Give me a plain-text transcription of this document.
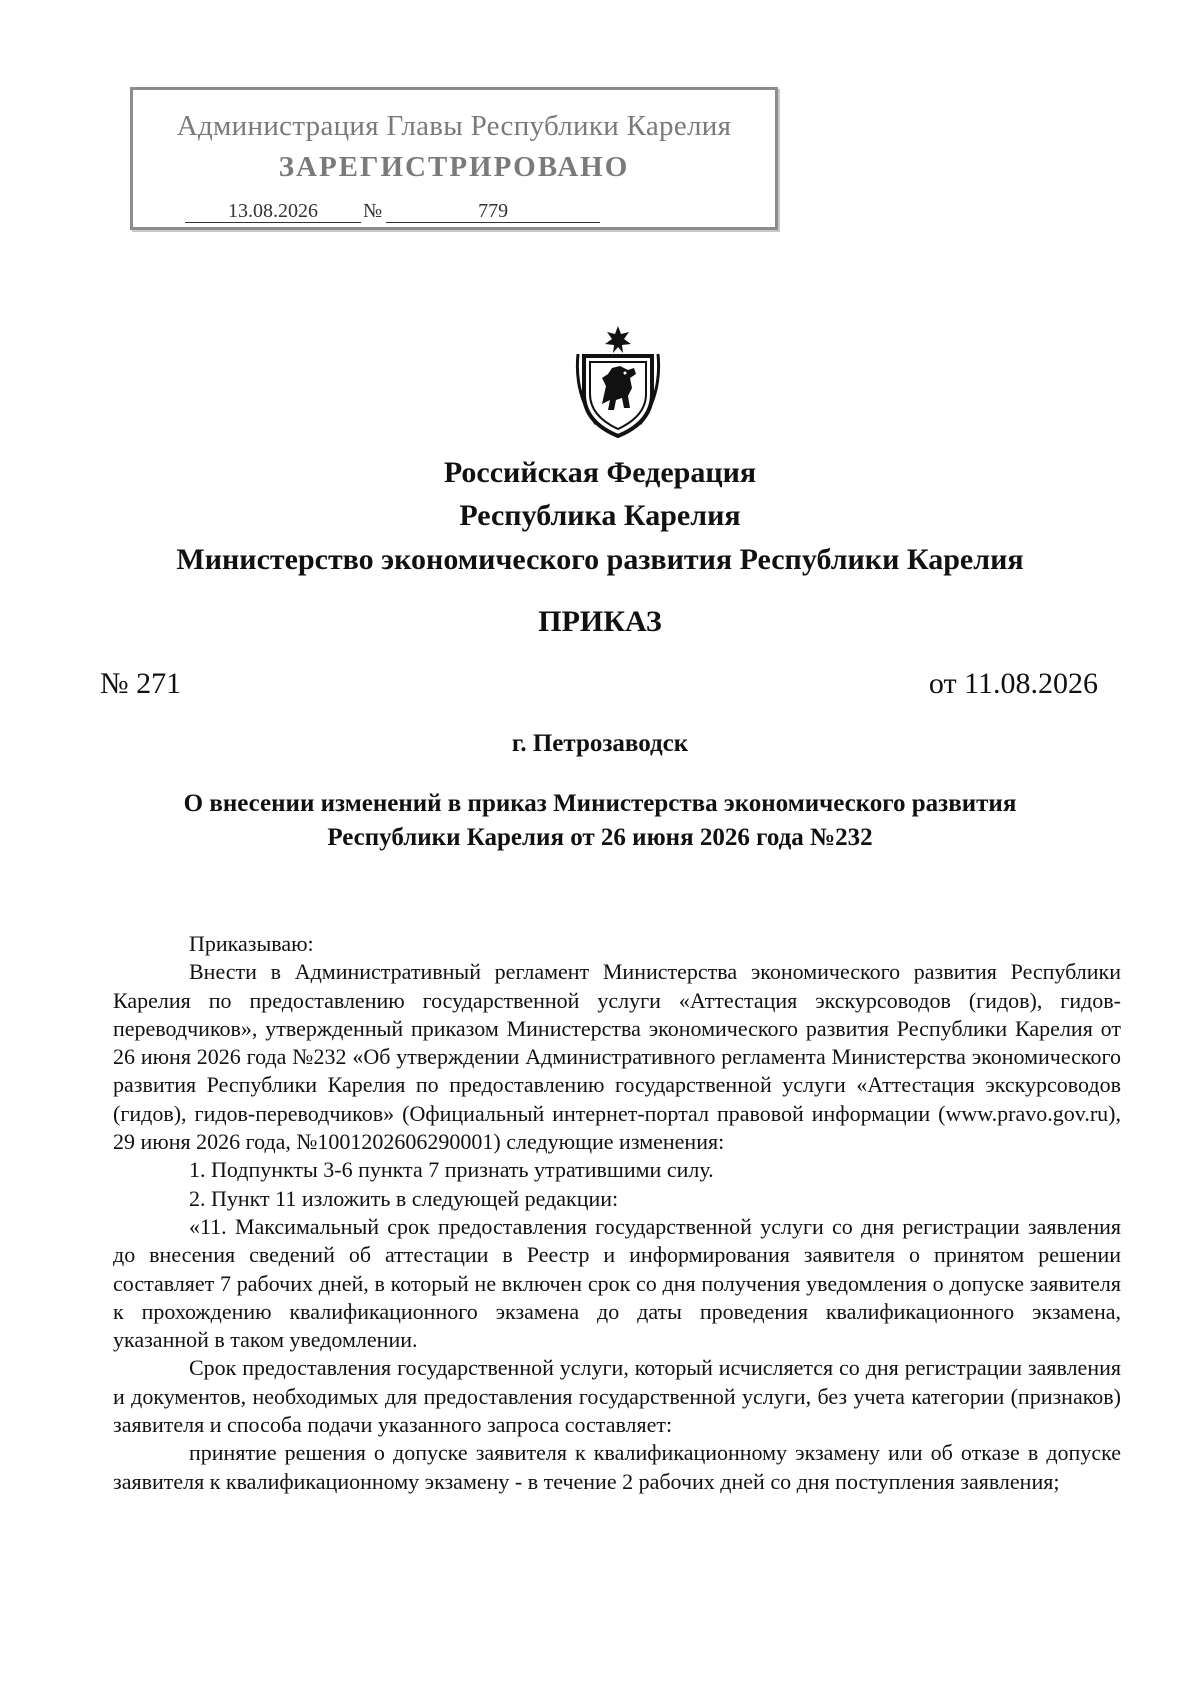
Администрация Главы Республики Карелия
ЗАРЕГИСТРИРОВАНО
13.08.2026 №	779
Российская Федерация
Республика Карелия
Министерство экономического развития Республики Карелия
ПРИКАЗ
№ 271	от 11.08.2026
г. Петрозаводск
О внесении изменений в приказ Министерства экономического развития
Республики Карелия от 26 июня 2026 года №232

Приказываю:

Внести в Административный регламент Министерства экономического развития Республики Карелия по предоставлению государственной услуги «Аттестация экскурсоводов (гидов), гидов-переводчиков», утвержденный приказом Министерства экономического развития Республики Карелия от 26 июня 2026 года №232 «Об утверждении Административного регламента Министерства экономического развития Республики Карелия по предоставлению государственной услуги «Аттестация экскурсоводов (гидов), гидов-переводчиков» (Официальный интернет-портал правовой информации (www.pravo.gov.ru), 29 июня 2026 года, №1001202606290001) следующие изменения:

1. Подпункты 3-6 пункта 7 признать утратившими силу.

2. Пункт 11 изложить в следующей редакции:

«11. Максимальный срок предоставления государственной услуги со дня регистрации заявления до внесения сведений об аттестации в Реестр и информирования заявителя о принятом решении составляет 7 рабочих дней, в который не включен срок со дня получения уведомления о допуске заявителя к прохождению квалификационного экзамена до даты проведения квалификационного экзамена, указанной в таком уведомлении.

Срок предоставления государственной услуги, который исчисляется со дня регистрации заявления и документов, необходимых для предоставления государственной услуги, без учета категории (признаков) заявителя и способа подачи указанного запроса составляет:

принятие решения о допуске заявителя к квалификационному экзамену или об отказе в допуске заявителя к квалификационному экзамену - в течение 2 рабочих дней со дня поступления заявления;
